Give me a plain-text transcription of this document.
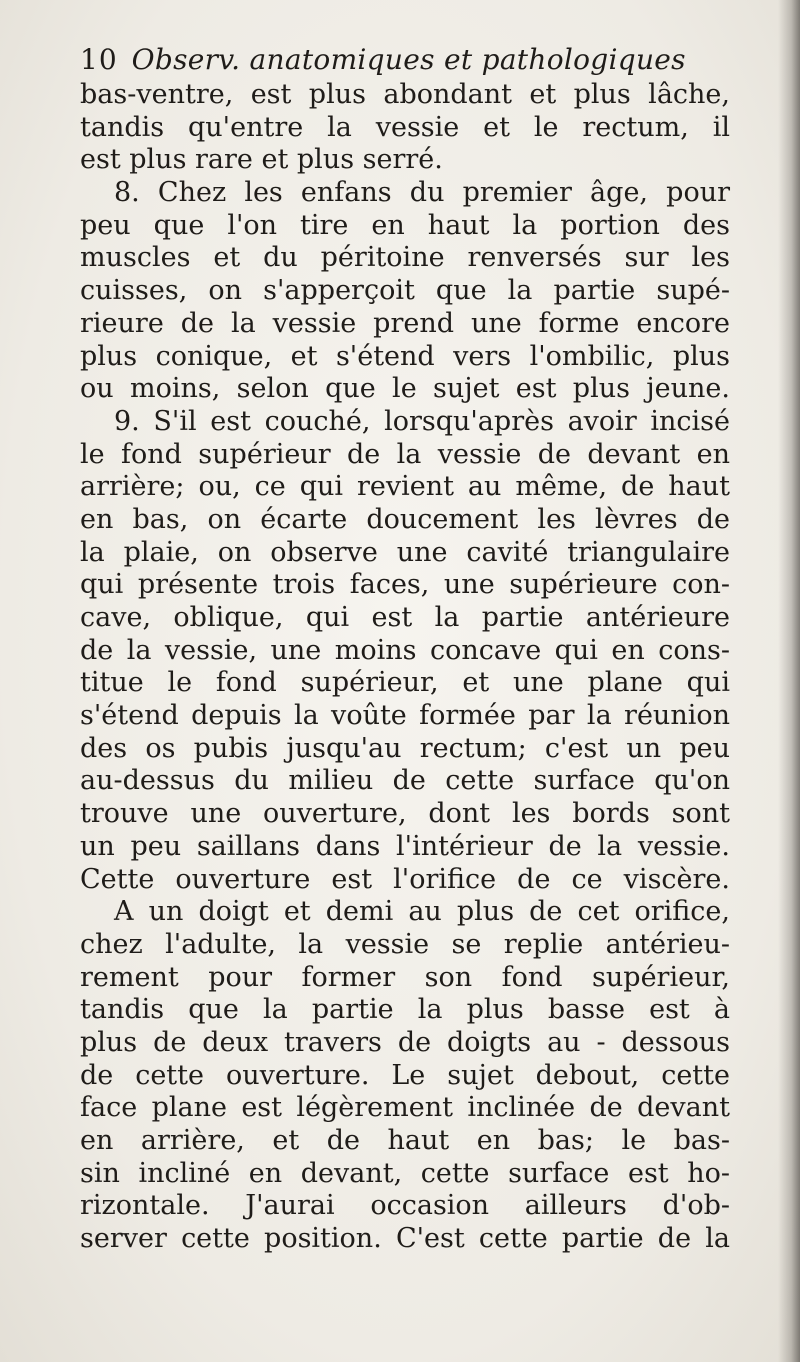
10 Observ. anatomiques et pathologiques
bas-ventre, est plus abondant et plus lâche,
tandis qu'entre la vessie et le rectum, il
est plus rare et plus serré.
8. Chez les enfans du premier âge, pour
peu que l'on tire en haut la portion des
muscles et du péritoine renversés sur les
cuisses, on s'apperçoit que la partie supé-
rieure de la vessie prend une forme encore
plus conique, et s'étend vers l'ombilic, plus
ou moins, selon que le sujet est plus jeune.
9. S'il est couché, lorsqu'après avoir incisé
le fond supérieur de la vessie de devant en
arrière; ou, ce qui revient au même, de haut
en bas, on écarte doucement les lèvres de
la plaie, on observe une cavité triangulaire
qui présente trois faces, une supérieure con-
cave, oblique, qui est la partie antérieure
de la vessie, une moins concave qui en cons-
titue le fond supérieur, et une plane qui
s'étend depuis la voûte formée par la réunion
des os pubis jusqu'au rectum; c'est un peu
au-dessus du milieu de cette surface qu'on
trouve une ouverture, dont les bords sont
un peu saillans dans l'intérieur de la vessie.
Cette ouverture est l'orifice de ce viscère.
A un doigt et demi au plus de cet orifice,
chez l'adulte, la vessie se replie antérieu-
rement pour former son fond supérieur,
tandis que la partie la plus basse est à
plus de deux travers de doigts au - dessous
de cette ouverture. Le sujet debout, cette
face plane est légèrement inclinée de devant
en arrière, et de haut en bas; le bas-
sin incliné en devant, cette surface est ho-
rizontale. J'aurai occasion ailleurs d'ob-
server cette position. C'est cette partie de la
